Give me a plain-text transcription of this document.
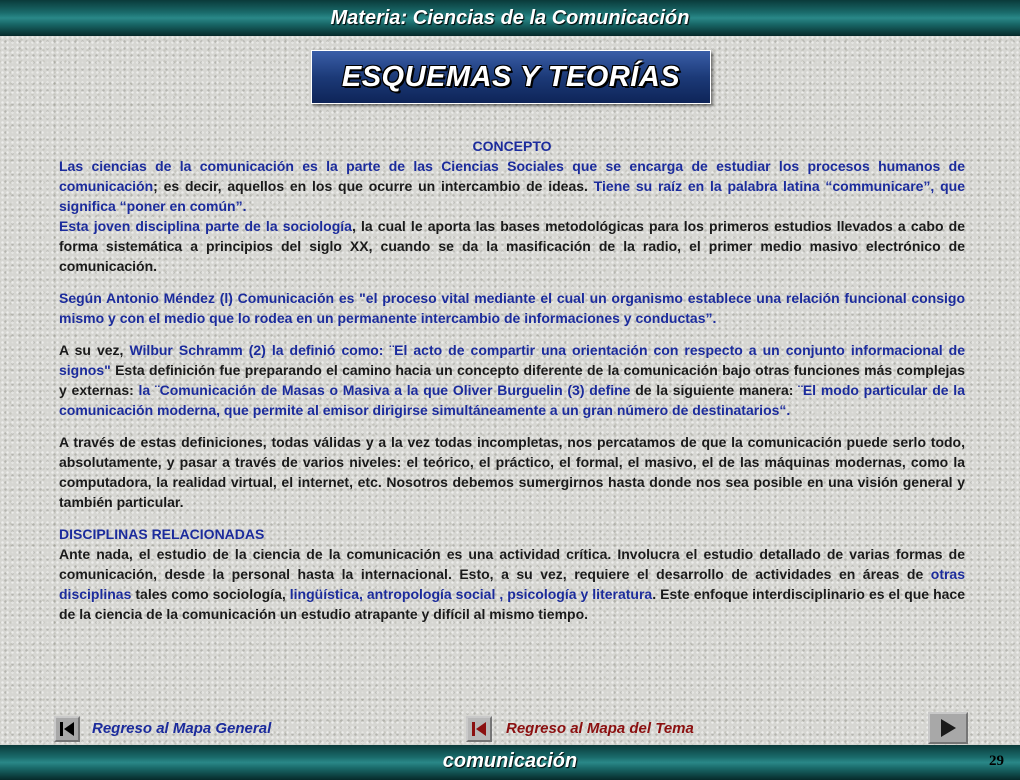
Materia: Ciencias de la Comunicación
ESQUEMAS Y TEORÍAS

CONCEPTO

Las ciencias de la comunicación es la parte de las Ciencias Sociales que se encarga de estudiar los procesos humanos de comunicación; es decir, aquellos en los que ocurre un intercambio de ideas. Tiene su raíz en la palabra latina “communicare”, que significa “poner en común”.

Esta joven disciplina parte de la sociología, la cual le aporta las bases metodológicas para los primeros estudios llevados a cabo de forma sistemática a principios del siglo XX, cuando se da la masificación de la radio, el primer medio masivo electrónico de comunicación.

Según Antonio Méndez (l) Comunicación es "el proceso vital mediante el cual un organismo establece una relación funcional consigo mismo y con el medio que lo rodea en un permanente intercambio de informaciones y conductas”.

A su vez, Wilbur Schramm (2) la definió como: ¨El acto de compartir una orientación con respecto a un conjunto informacional de signos" Esta definición fue preparando el camino hacia un concepto diferente de la comunicación bajo otras funciones más complejas y externas: la ¨Comunicación de Masas o Masiva a la que Oliver Burguelin (3) define de la siguiente manera: ¨El modo particular de la comunicación moderna, que permite al emisor dirigirse simultáneamente a un gran número de destinatarios“.

A través de estas definiciones, todas válidas y a la vez todas incompletas, nos percatamos de que la comunicación puede serlo todo, absolutamente, y pasar a través de varios niveles: el teórico, el práctico, el formal, el masivo, el de las máquinas modernas, como la computadora, la realidad virtual, el internet, etc. Nosotros debemos sumergirnos hasta donde nos sea posible en una visión general y también particular.

DISCIPLINAS RELACIONADAS

Ante nada, el estudio de la ciencia de la comunicación es una actividad crítica. Involucra el estudio detallado de varias formas de comunicación, desde la personal hasta la internacional. Esto, a su vez, requiere el desarrollo de actividades en áreas de otras disciplinas tales como sociología, lingüística, antropología social , psicología y literatura. Este enfoque interdisciplinario es el que hace de la ciencia de la comunicación un estudio atrapante y difícil al mismo tiempo.

Regreso al Mapa General	Regreso al Mapa del Tema
comunicación	29
